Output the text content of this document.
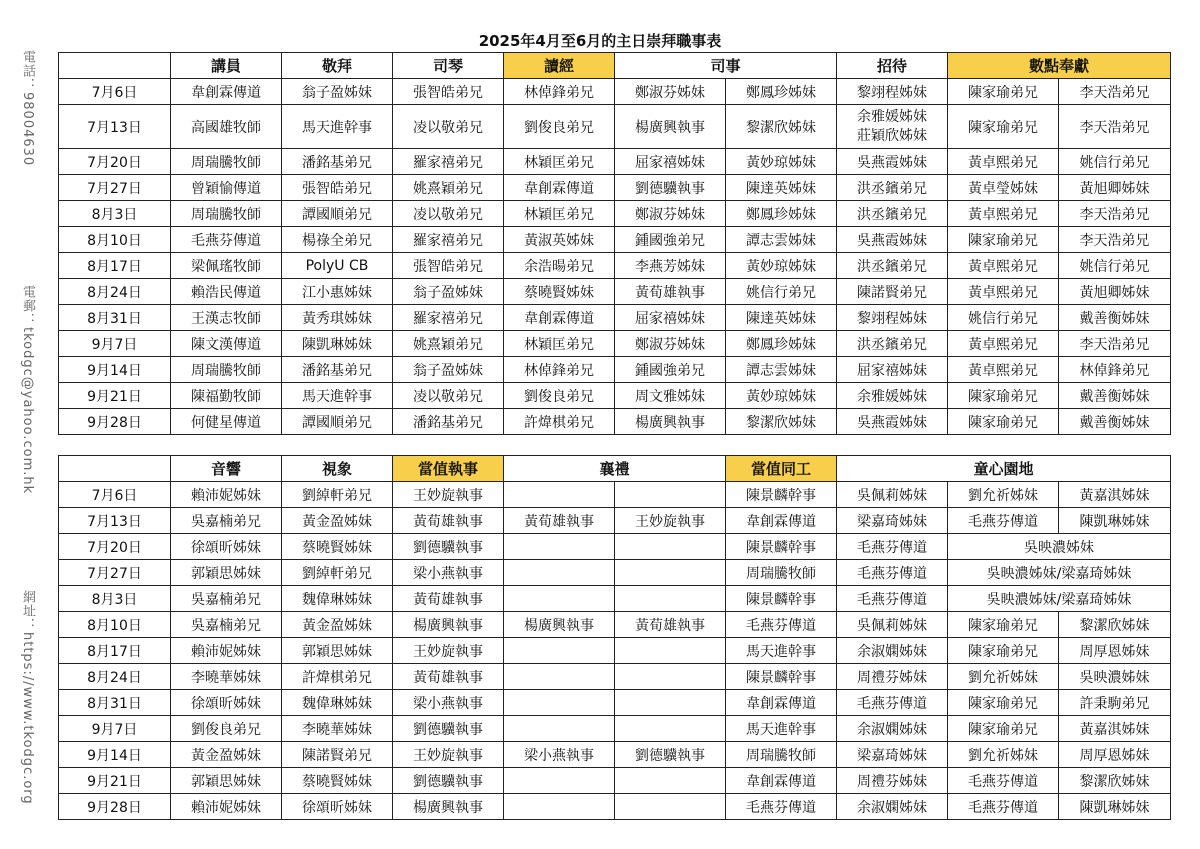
電話：98004630
電郵：tkodgc@yahoo.com.hk
網址：https://www.tkodgc.org
2025年4月至6月的主日崇拜職事表
	講員	敬拜	司琴	讀經	司事		招待	數點奉獻	
7月6日	韋創霖傳道	翁子盈姊妹	張智皓弟兄	林倬鋒弟兄	鄭淑芬姊妹	鄭鳳珍姊妹	黎翊程姊妹	陳家瑜弟兄	李天浩弟兄
7月13日	高國雄牧師	馬天進幹事	凌以敬弟兄	劉俊良弟兄	楊廣興執事	黎潔欣姊妹	余雅媛姊妹 莊穎欣姊妹	陳家瑜弟兄	李天浩弟兄
7月20日	周瑞騰牧師	潘銘基弟兄	羅家禧弟兄	林穎匡弟兄	屈家禧姊妹	黃妙琼姊妹	吳燕霞姊妹	黃卓熙弟兄	姚信行弟兄
7月27日	曾穎愉傳道	張智皓弟兄	姚熹穎弟兄	韋創霖傳道	劉德驥執事	陳達英姊妹	洪丞鑌弟兄	黃卓瑩姊妹	黃旭卿姊妹
8月3日	周瑞騰牧師	譚國順弟兄	凌以敬弟兄	林穎匡弟兄	鄭淑芬姊妹	鄭鳳珍姊妹	洪丞鑌弟兄	黃卓熙弟兄	李天浩弟兄
8月10日	毛燕芬傳道	楊祿全弟兄	羅家禧弟兄	黃淑英姊妹	鍾國強弟兄	譚志雲姊妹	吳燕霞姊妹	陳家瑜弟兄	李天浩弟兄
8月17日	梁佩瑤牧師	PolyU CB	張智皓弟兄	余浩暘弟兄	李燕芳姊妹	黃妙琼姊妹	洪丞鑌弟兄	黃卓熙弟兄	姚信行弟兄
8月24日	賴浩民傳道	江小惠姊妹	翁子盈姊妹	蔡曉賢姊妹	黃荀雄執事	姚信行弟兄	陳諾賢弟兄	黃卓熙弟兄	黃旭卿姊妹
8月31日	王漢志牧師	黃秀琪姊妹	羅家禧弟兄	韋創霖傳道	屈家禧姊妹	陳達英姊妹	黎翊程姊妹	姚信行弟兄	戴善衡姊妹
9月7日	陳文漢傳道	陳凱琳姊妹	姚熹穎弟兄	林穎匡弟兄	鄭淑芬姊妹	鄭鳳珍姊妹	洪丞鑌弟兄	黃卓熙弟兄	李天浩弟兄
9月14日	周瑞騰牧師	潘銘基弟兄	翁子盈姊妹	林倬鋒弟兄	鍾國強弟兄	譚志雲姊妹	屈家禧姊妹	黃卓熙弟兄	林倬鋒弟兄
9月21日	陳福勤牧師	馬天進幹事	凌以敬弟兄	劉俊良弟兄	周文雅姊妹	黃妙琼姊妹	余雅媛姊妹	陳家瑜弟兄	戴善衡姊妹
9月28日	何健星傳道	譚國順弟兄	潘銘基弟兄	許煒棋弟兄	楊廣興執事	黎潔欣姊妹	吳燕霞姊妹	陳家瑜弟兄	戴善衡姊妹
	音響	視象	當值執事	襄禮		當值同工	童心園地		
7月6日	賴沛妮姊妹	劉綽軒弟兄	王妙旋執事			陳景麟幹事	吳佩莉姊妹	劉允祈姊妹	黃嘉淇姊妹
7月13日	吳嘉楠弟兄	黃金盈姊妹	黃荀雄執事	黃荀雄執事	王妙旋執事	韋創霖傳道	梁嘉琦姊妹	毛燕芬傳道	陳凱琳姊妹
7月20日	徐頌昕姊妹	蔡曉賢姊妹	劉德驥執事			陳景麟幹事	毛燕芬傳道	吳映濃姊妹	
7月27日	郭穎思姊妹	劉綽軒弟兄	梁小燕執事			周瑞騰牧師	毛燕芬傳道	吳映濃姊妹/梁嘉琦姊妹	
8月3日	吳嘉楠弟兄	魏偉琳姊妹	黃荀雄執事			陳景麟幹事	毛燕芬傳道	吳映濃姊妹/梁嘉琦姊妹	
8月10日	吳嘉楠弟兄	黃金盈姊妹	楊廣興執事	楊廣興執事	黃荀雄執事	毛燕芬傳道	吳佩莉姊妹	陳家瑜弟兄	黎潔欣姊妹
8月17日	賴沛妮姊妹	郭穎思姊妹	王妙旋執事			馬天進幹事	余淑嫻姊妹	陳家瑜弟兄	周厚恩姊妹
8月24日	李曉華姊妹	許煒棋弟兄	黃荀雄執事			陳景麟幹事	周禮芬姊妹	劉允祈姊妹	吳映濃姊妹
8月31日	徐頌昕姊妹	魏偉琳姊妹	梁小燕執事			韋創霖傳道	毛燕芬傳道	陳家瑜弟兄	許秉駒弟兄
9月7日	劉俊良弟兄	李曉華姊妹	劉德驥執事			馬天進幹事	余淑嫻姊妹	陳家瑜弟兄	黃嘉淇姊妹
9月14日	黃金盈姊妹	陳諾賢弟兄	王妙旋執事	梁小燕執事	劉德驥執事	周瑞騰牧師	梁嘉琦姊妹	劉允祈姊妹	周厚恩姊妹
9月21日	郭穎思姊妹	蔡曉賢姊妹	劉德驥執事			韋創霖傳道	周禮芬姊妹	毛燕芬傳道	黎潔欣姊妹
9月28日	賴沛妮姊妹	徐頌昕姊妹	楊廣興執事			毛燕芬傳道	余淑嫻姊妹	毛燕芬傳道	陳凱琳姊妹
